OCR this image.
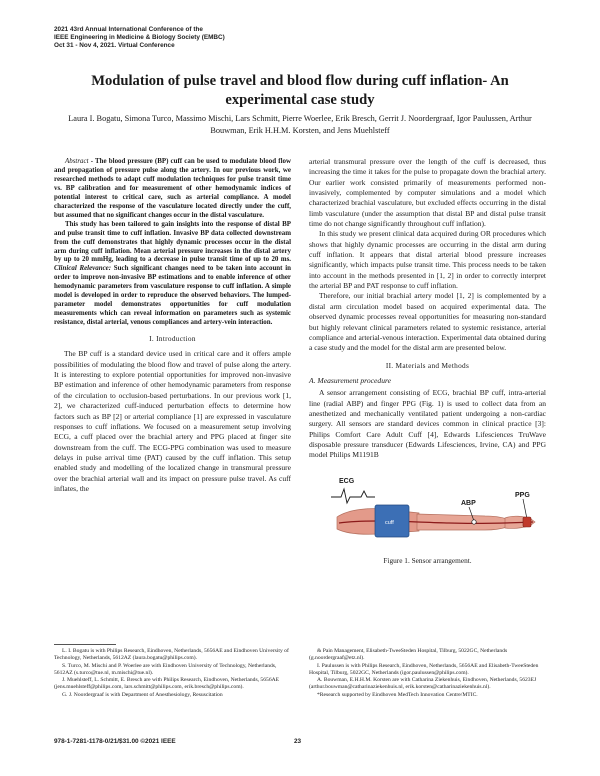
2021 43rd Annual International Conference of the
IEEE Engineering in Medicine & Biology Society (EMBC)
Oct 31 - Nov 4, 2021. Virtual Conference
Modulation of pulse travel and blood flow during cuff inflation- An experimental case study
Laura I. Bogatu, Simona Turco, Massimo Mischi, Lars Schmitt, Pierre Woerlee, Erik Bresch, Gerrit J. Noordergraaf, Igor Paulussen, Arthur Bouwman, Erik H.H.M. Korsten, and Jens Muehlsteff

Abstract - The blood pressure (BP) cuff can be used to modulate blood flow and propagation of pressure pulse along the artery. In our previous work, we researched methods to adapt cuff modulation techniques for pulse transit time vs. BP calibration and for measurement of other hemodynamic indices of potential interest to critical care, such as arterial compliance. A model characterized the response of the vasculature located directly under the cuff, but assumed that no significant changes occur in the distal vasculature.

This study has been tailored to gain insights into the response of distal BP and pulse transit time to cuff inflation. Invasive BP data collected downstream from the cuff demonstrates that highly dynamic processes occur in the distal arm during cuff inflation. Mean arterial pressure increases in the distal artery by up to 20 mmHg, leading to a decrease in pulse transit time of up to 20 ms. Clinical Relevance: Such significant changes need to be taken into account in order to improve non-invasive BP estimations and to enable inference of other hemodynamic parameters from vasculature response to cuff inflation. A simple model is developed in order to reproduce the observed behaviors. The lumped-parameter model demonstrates opportunities for cuff modulation measurements which can reveal information on parameters such as systemic resistance, distal arterial, venous compliances and artery-vein interaction.

I. Introduction

The BP cuff is a standard device used in critical care and it offers ample possibilities of modulating the blood flow and travel of pulse along the artery. It is interesting to explore potential opportunities for improved non-invasive BP estimation and inference of other hemodynamic parameters from response of the circulation to occlusion-based perturbations. In our previous work [1, 2], we characterized cuff-induced perturbation effects to determine how factors such as BP [2] or arterial compliance [1] are expressed in vasculature responses to cuff inflations. We focused on a measurement setup involving ECG, a cuff placed over the brachial artery and PPG placed at finger site downstream from the cuff. The ECG-PPG combination was used to measure delays in pulse arrival time (PAT) caused by the cuff inflation. This setup enabled study and modelling of the localized change in transmural pressure over the brachial arterial wall and its impact on pressure pulse travel. As cuff inflates, the

arterial transmural pressure over the length of the cuff is decreased, thus increasing the time it takes for the pulse to propagate down the brachial artery. Our earlier work consisted primarily of measurements performed non-invasively, complemented by computer simulations and a model which characterized brachial vasculature, but excluded effects occurring in the distal limb vasculature (under the assumption that distal BP and distal pulse transit time do not change significantly throughout cuff inflation).

In this study we present clinical data acquired during OR procedures which shows that highly dynamic processes are occurring in the distal arm during cuff inflation. It appears that distal arterial blood pressure increases significantly, which impacts pulse transit time. This process needs to be taken into account in the methods presented in [1, 2] in order to correctly interpret the arterial BP and PAT response to cuff inflation.

Therefore, our initial brachial artery model [1, 2] is complemented by a distal arm circulation model based on acquired experimental data. The observed dynamic processes reveal opportunities for measuring non-standard but highly relevant clinical parameters related to systemic resistance, arterial compliance and arterial-venous interaction. Experimental data obtained during a case study and the model for the distal arm are presented below.

II. Materials and Methods
A. Measurement procedure

A sensor arrangement consisting of ECG, brachial BP cuff, intra-arterial line (radial ABP) and finger PPG (Fig. 1) is used to collect data from an anesthetized and mechanically ventilated patient undergoing a non-cardiac surgery. All sensors are standard devices common in clinical practice [3]: Philips Comfort Care Adult Cuff [4], Edwards Lifesciences TruWave disposable pressure transducer (Edwards Lifesciences, Irvine, CA) and PPG model Philips M1191B

ECG
cuff
ABP
PPG
Figure 1. Sensor arrangement.

L. I. Bogatu is with Philips Research, Eindhoven, Netherlands, 5656AE and Eindhoven University of Technology, Netherlands, 5612AZ (laura.bogatu@philips.com).

S. Turco, M. Mischi and P. Woerlee are with Eindhoven University of Technology, Netherlands, 5612AZ (s.turco@tue.nl, m.mischi@tue.nl).

J. Muehlsteff, L. Schmitt, E. Bresch are with Philips Research, Eindhoven, Netherlands, 5656AE (jens.muehlsteff@philips.com, lars.schmitt@philips.com, erik.bresch@philips.com).

G. J. Noordergraaf is with Department of Anesthesiology, Resuscitation

& Pain Management, Elisabeth-TweeSteden Hospital, Tilburg, 5022GC, Netherlands (g.noordergraaf@etz.nl).

I. Paulussen is with Philips Research, Eindhoven, Netherlands, 5656AE and Elisabeth-TweeSteden Hospital, Tilburg, 5022GC, Netherlands (igor.paulussen@philips.com).

A. Bouwman, E.H.H.M. Korsten are with Catharina Ziekenhuis, Eindhoven, Netherlands, 5623EJ (arthur.bouwman@catharinaziekenhuis.nl, erik.korsten@catharinaziekenhuis.nl).

*Research supported by Eindhoven MedTech Innovation Centre/MTIC.

978-1-7281-1178-0/21/$31.00 ©2021 IEEE	23
